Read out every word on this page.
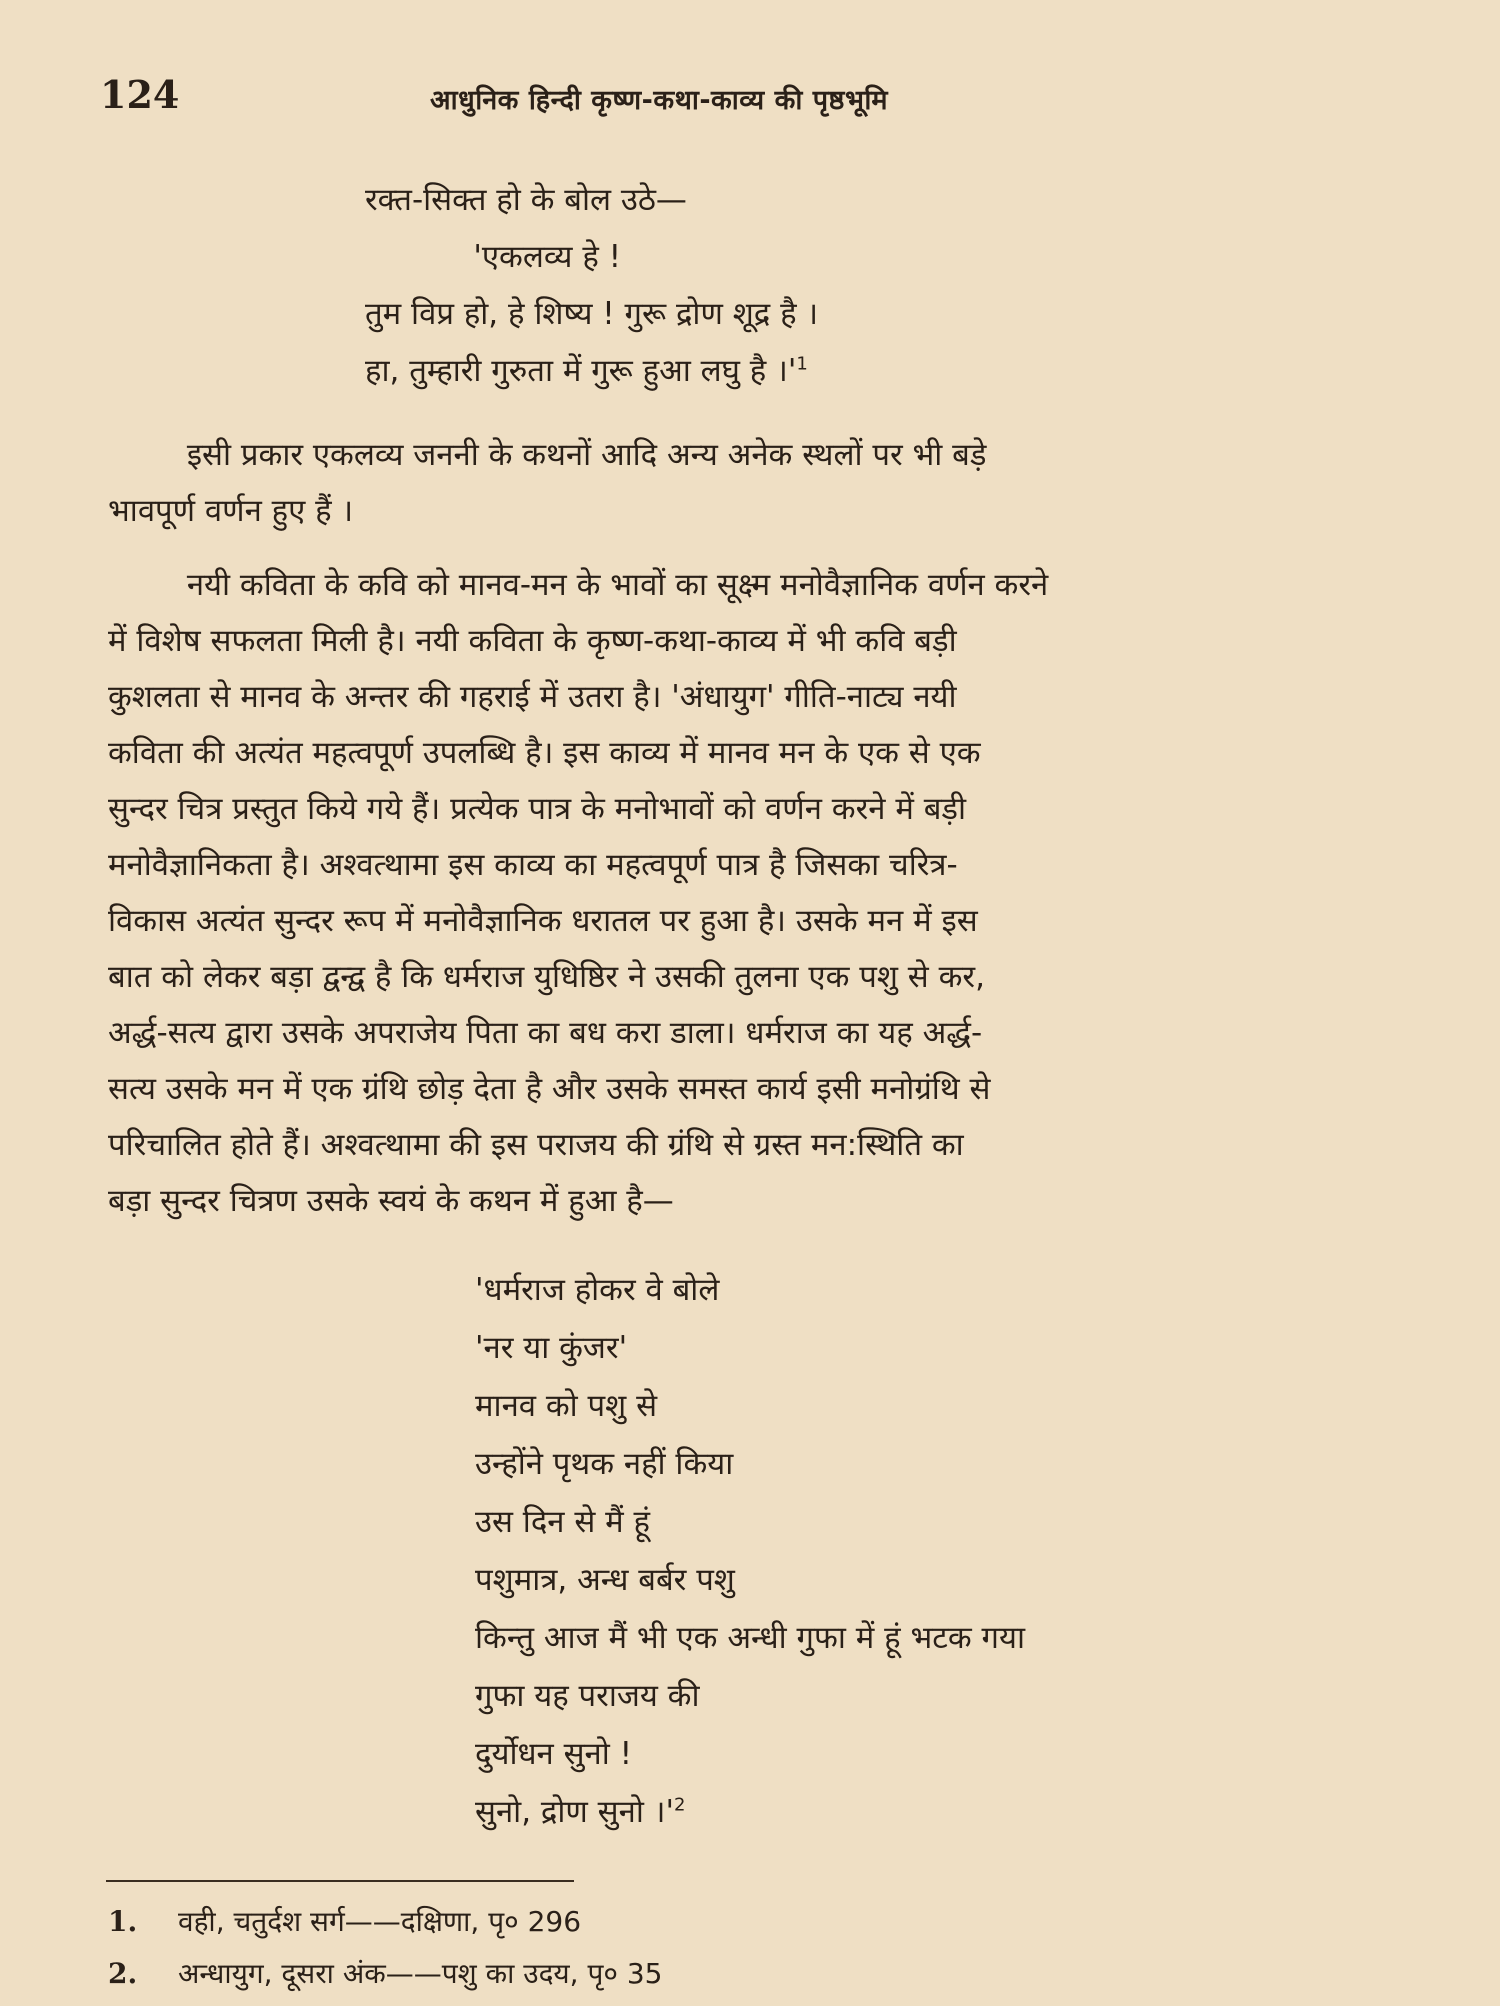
124	आधुनिक हिन्दी कृष्ण-कथा-काव्य की पृष्ठभूमि
रक्त-सिक्त हो के बोल उठे—
'एकलव्य हे !
तुम विप्र हो, हे शिष्य ! गुरू द्रोण शूद्र है ।
हा, तुम्हारी गुरुता में गुरू हुआ लघु है $।'^1$
इसी प्रकार एकलव्य जननी के कथनों आदि अन्य अनेक स्थलों पर भी बड़े
भावपूर्ण वर्णन हुए हैं ।
नयी कविता के कवि को मानव-मन के भावों का सूक्ष्म मनोवैज्ञानिक वर्णन करने
में विशेष सफलता मिली है। नयी कविता के कृष्ण-कथा-काव्य में भी कवि बड़ी
कुशलता से मानव के अन्तर की गहराई में उतरा है। 'अंधायुग' गीति-नाट्य नयी
कविता की अत्यंत महत्वपूर्ण उपलब्धि है। इस काव्य में मानव मन के एक से एक
सुन्दर चित्र प्रस्तुत किये गये हैं। प्रत्येक पात्र के मनोभावों को वर्णन करने में बड़ी
मनोवैज्ञानिकता है। अश्वत्थामा इस काव्य का महत्वपूर्ण पात्र है जिसका चरित्र-
विकास अत्यंत सुन्दर रूप में मनोवैज्ञानिक धरातल पर हुआ है। उसके मन में इस
बात को लेकर बड़ा द्वन्द्व है कि धर्मराज युधिष्ठिर ने उसकी तुलना एक पशु से कर,
अर्द्ध-सत्य द्वारा उसके अपराजेय पिता का बध करा डाला। धर्मराज का यह अर्द्ध-
सत्य उसके मन में एक ग्रंथि छोड़ देता है और उसके समस्त कार्य इसी मनोग्रंथि से
परिचालित होते हैं। अश्वत्थामा की इस पराजय की ग्रंथि से ग्रस्त मन:स्थिति का
बड़ा सुन्दर चित्रण उसके स्वयं के कथन में हुआ है—
'धर्मराज होकर वे बोले
'नर या कुंजर'
मानव को पशु से
उन्होंने पृथक नहीं किया
उस दिन से मैं हूं
पशुमात्र, अन्ध बर्बर पशु
किन्तु आज मैं भी एक अन्धी गुफा में हूं भटक गया
गुफा यह पराजय की
दुर्योधन सुनो !
सुनो, द्रोण सुनो $।'^2$
1. वही, चतुर्दश सर्ग——दक्षिणा, पृ० 296
2. अन्धायुग, दूसरा अंक——पशु का उदय, पृ० 35
